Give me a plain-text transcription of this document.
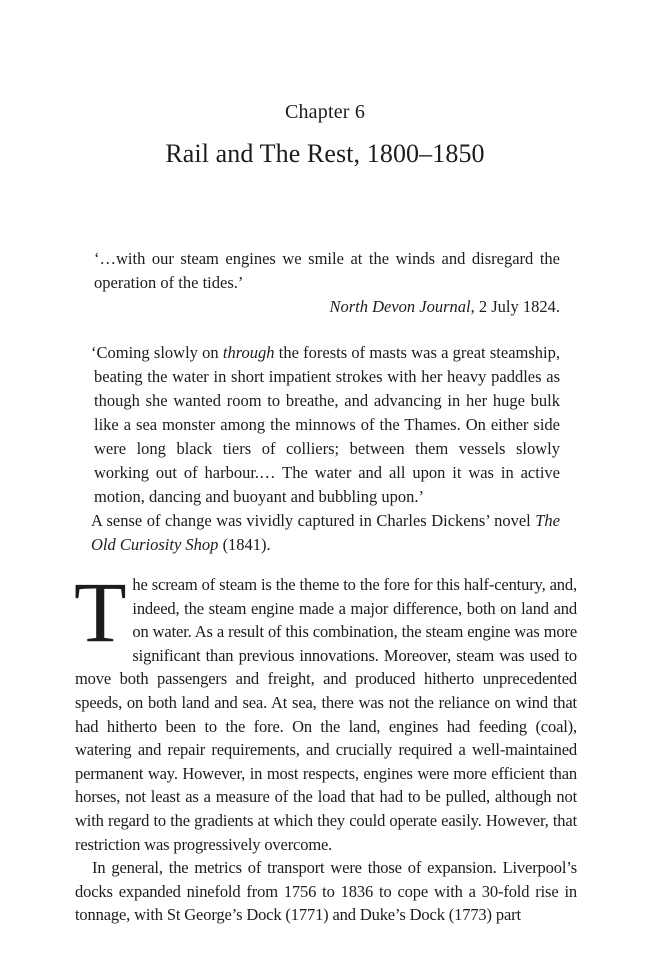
Chapter 6
Rail and The Rest, 1800–1850

‘…with our steam engines we smile at the winds and disregard the operation of the tides.’

North Devon Journal, 2 July 1824.

‘Coming slowly on through the forests of masts was a great steamship, beating the water in short impatient strokes with her heavy paddles as though she wanted room to breathe, and advancing in her huge bulk like a sea monster among the minnows of the Thames. On either side were long black tiers of colliers; between them vessels slowly working out of harbour.… The water and all upon it was in active motion, dancing and buoyant and bubbling upon.’

A sense of change was vividly captured in Charles Dickens’ novel The Old Curiosity Shop (1841).

The scream of steam is the theme to the fore for this half-century, and, indeed, the steam engine made a major difference, both on land and on water. As a result of this combination, the steam engine was more significant than previous innovations. Moreover, steam was used to move both passengers and freight, and produced hitherto unprecedented speeds, on both land and sea. At sea, there was not the reliance on wind that had hitherto been to the fore. On the land, engines had feeding (coal), watering and repair requirements, and crucially required a well-maintained permanent way. However, in most respects, engines were more efficient than horses, not least as a measure of the load that had to be pulled, although not with regard to the gradients at which they could operate easily. However, that restriction was progressively overcome.

In general, the metrics of transport were those of expansion. Liverpool’s docks expanded ninefold from 1756 to 1836 to cope with a 30-fold rise in tonnage, with St George’s Dock (1771) and Duke’s Dock (1773) part
